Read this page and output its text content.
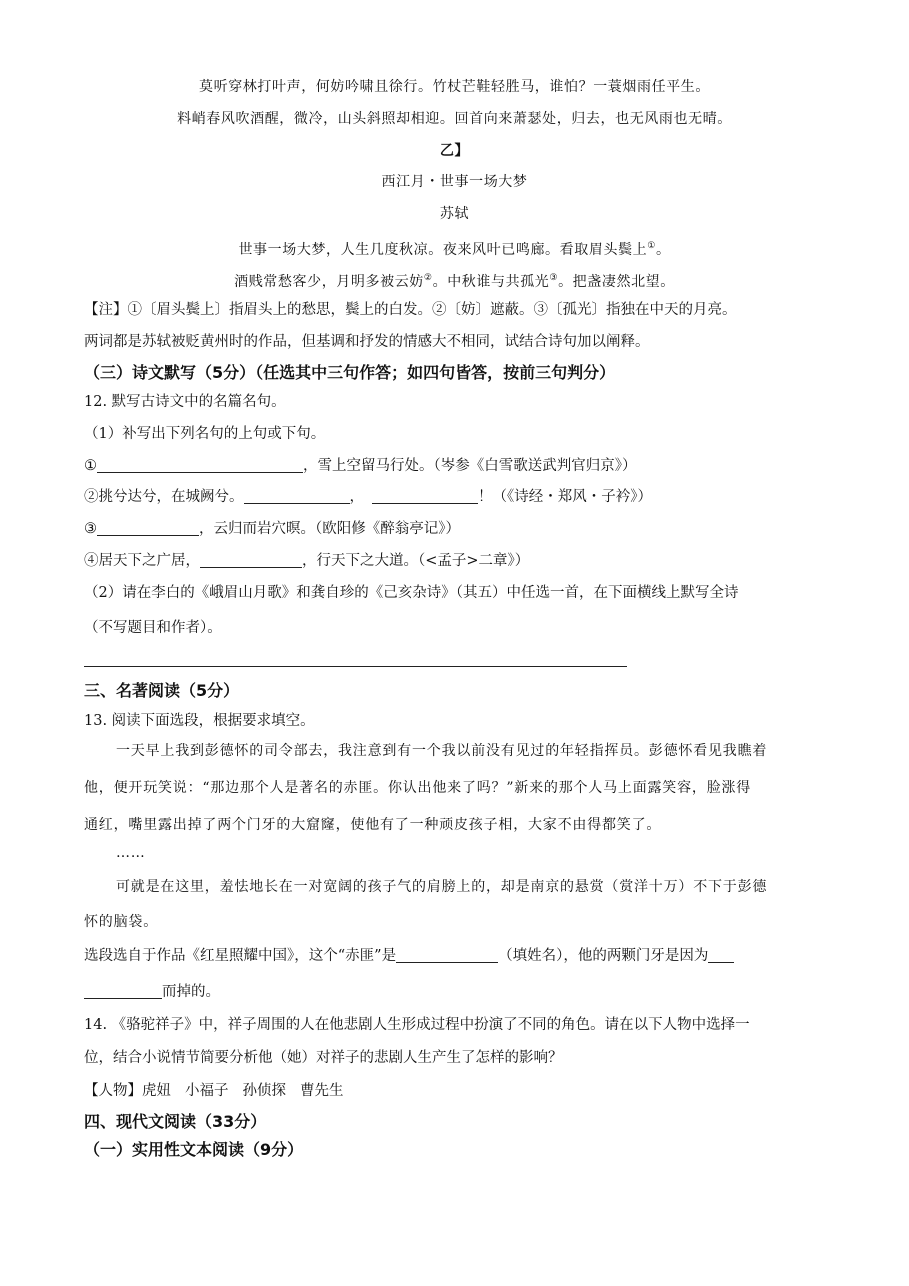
莫听穿林打叶声，何妨吟啸且徐行。竹杖芒鞋轻胜马，谁怕？一蓑烟雨任平生。
料峭春风吹酒醒，微冷，山头斜照却相迎。回首向来萧瑟处，归去，也无风雨也无晴。
乙】
西江月・世事一场大梦
苏轼
世事一场大梦，人生几度秋凉。夜来风叶已鸣廊。看取眉头鬓上①。
酒贱常愁客少，月明多被云妨②。中秋谁与共孤光③。把盏凄然北望。
【注】①〔眉头鬓上〕指眉头上的愁思，鬓上的白发。②〔妨〕遮蔽。③〔孤光〕指独在中天的月亮。
两词都是苏轼被贬黄州时的作品，但基调和抒发的情感大不相同，试结合诗句加以阐释。
（三）诗文默写（5分）（任选其中三句作答；如四句皆答，按前三句判分）
12. 默写古诗文中的名篇名句。
（1）补写出下列名句的上句或下句。
①	，雪上空留马行处。（岑参《白雪歌送武判官归京》）
②挑兮达兮，在城阙兮。	，	！（《诗经・郑风・子衿》）
③	，云归而岩穴暝。（欧阳修《醉翁亭记》）
④居天下之广居，	，行天下之大道。（<孟子>二章》）
（2）请在李白的《峨眉山月歌》和龚自珍的《己亥杂诗》（其五）中任选一首，在下面横线上默写全诗
（不写题目和作者）。
三、名著阅读（5分）
13. 阅读下面选段，根据要求填空。
一天早上我到彭德怀的司令部去，我注意到有一个我以前没有见过的年轻指挥员。彭德怀看见我瞧着
他，便开玩笑说：“那边那个人是著名的赤匪。你认出他来了吗？”新来的那个人马上面露笑容，脸涨得
通红，嘴里露出掉了两个门牙的大窟窿，使他有了一种顽皮孩子相，大家不由得都笑了。
……
可就是在这里，羞怯地长在一对宽阔的孩子气的肩膀上的，却是南京的悬赏（赏洋十万）不下于彭德
怀的脑袋。
选段选自于作品《红星照耀中国》，这个“赤匪”是	（填姓名），他的两颗门牙是因为
而掉的。
14. 《骆驼祥子》中，祥子周围的人在他悲剧人生形成过程中扮演了不同的角色。请在以下人物中选择一
位，结合小说情节简要分析他（她）对祥子的悲剧人生产生了怎样的影响？
【人物】虎妞 小福子 孙侦探 曹先生
四、现代文阅读（33分）
（一）实用性文本阅读（9分）
